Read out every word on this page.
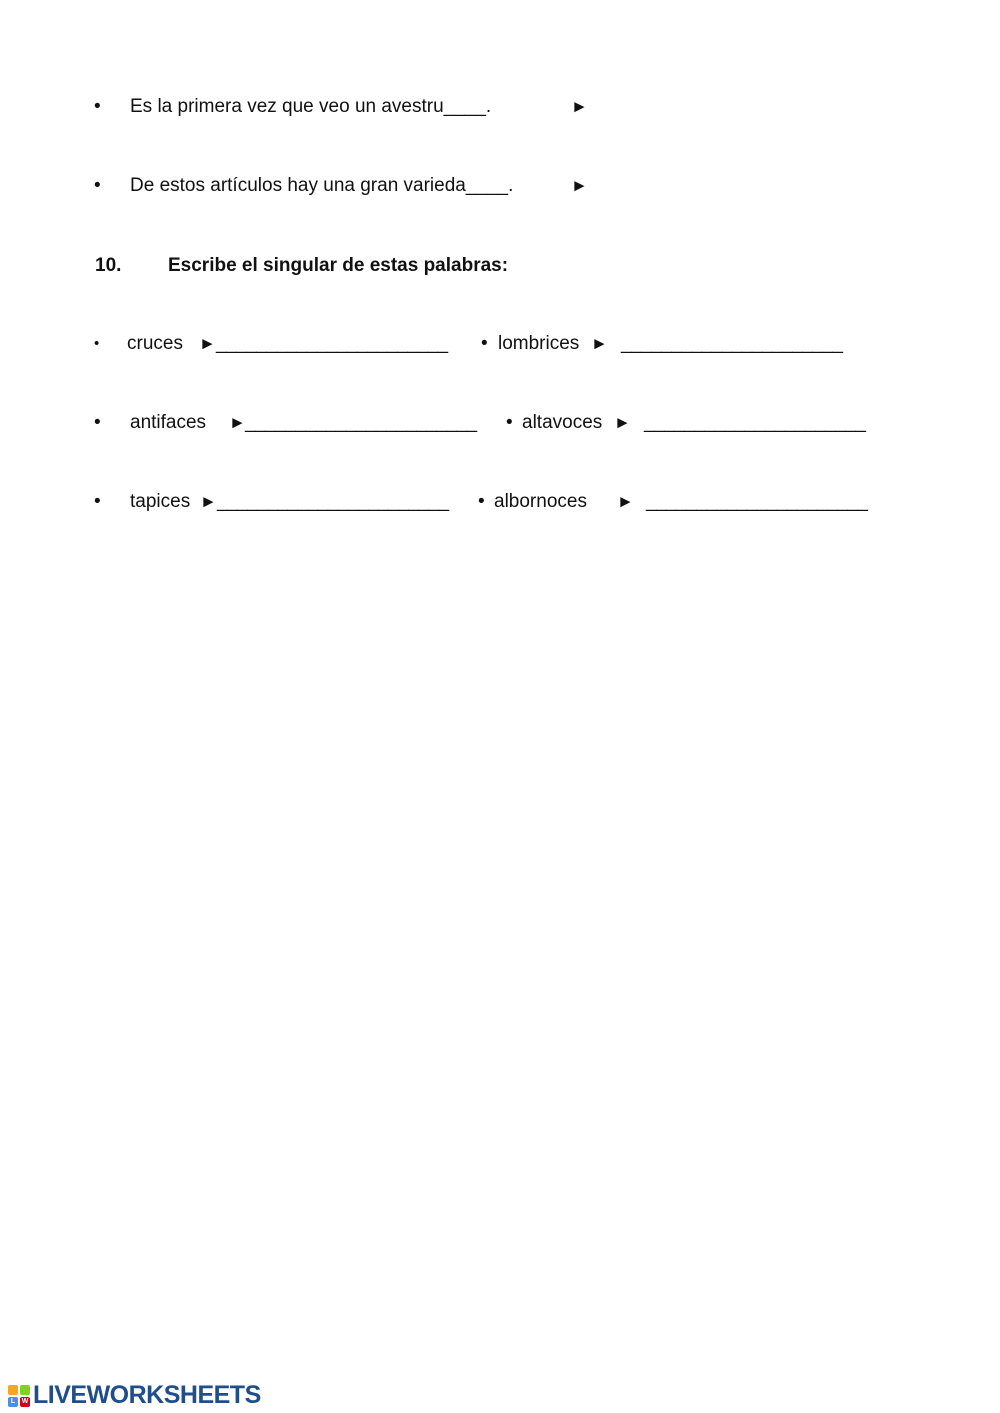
• Es la primera vez que veo un avestru____.	►
• De estos artículos hay una gran varieda____.	►
10. Escribe el singular de estas palabras:
• cruces ► _______________________ • lombrices ► ______________________
• antifaces ► _______________________ • altavoces ► ______________________
• tapices ► _______________________ • albornoces ► ______________________
L W LIVEWORKSHEETS
